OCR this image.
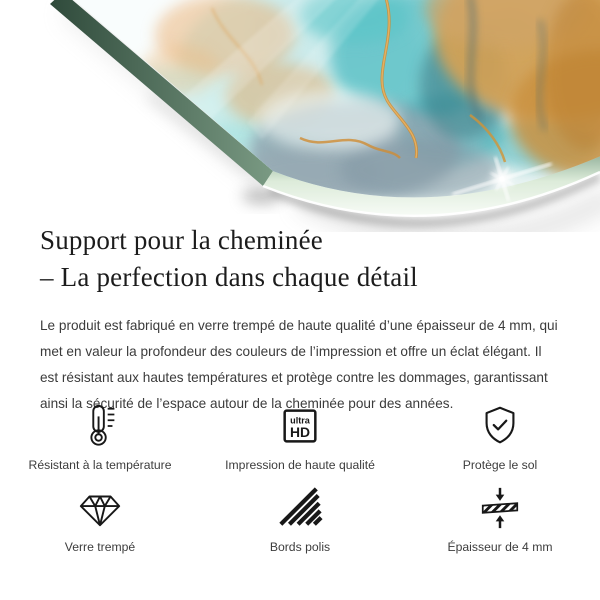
Support pour la cheminée
– La perfection dans chaque détail

Le produit est fabriqué en verre trempé de haute qualité d’une épaisseur de 4 mm, qui met en valeur la profondeur des couleurs de l’impression et offre un éclat élégant. Il est résistant aux hautes températures et protège contre les dommages, garantissant ainsi la sécurité de l’espace autour de la cheminée pour des années.

Résistant à la température
ultra
HD
Impression de haute qualité	Protège le sol
Verre trempé	Bords polis	Épaisseur de 4 mm
